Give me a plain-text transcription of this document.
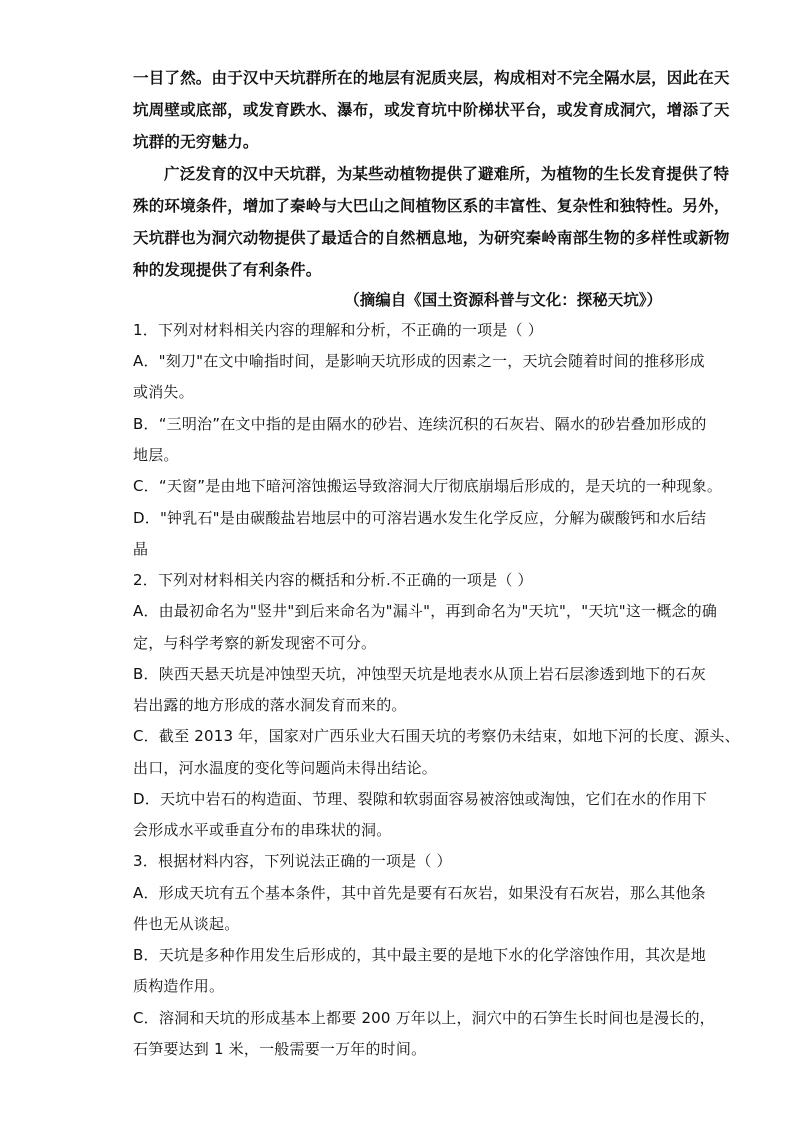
一目了然。由于汉中天坑群所在的地层有泥质夹层，构成相对不完全隔水层，因此在天
坑周壁或底部，或发育跌水、瀑布，或发育坑中阶梯状平台，或发育成洞穴，增添了天
坑群的无穷魅力。
广泛发育的汉中天坑群，为某些动植物提供了避难所，为植物的生长发育提供了特
殊的环境条件，增加了秦岭与大巴山之间植物区系的丰富性、复杂性和独特性。另外，
天坑群也为洞穴动物提供了最适合的自然栖息地，为研究秦岭南部生物的多样性或新物
种的发现提供了有利条件。
（摘编自《国土资源科普与文化：探秘天坑》）
1．下列对材料相关内容的理解和分析，不正确的一项是（ ）
A．"刻刀"在文中喻指时间，是影响天坑形成的因素之一，天坑会随着时间的推移形成
或消失。
B．“三明治”在文中指的是由隔水的砂岩、连续沉积的石灰岩、隔水的砂岩叠加形成的
地层。
C．“天窗”是由地下暗河溶蚀搬运导致溶洞大厅彻底崩塌后形成的，是天坑的一种现象。
D．"钟乳石"是由碳酸盐岩地层中的可溶岩遇水发生化学反应，分解为碳酸钙和水后结
晶
2．下列对材料相关内容的概括和分析.不正确的一项是（ ）
A．由最初命名为"竖井"到后来命名为"漏斗"，再到命名为"天坑"，"天坑"这一概念的确
定，与科学考察的新发现密不可分。
B．陕西天悬天坑是冲蚀型天坑，冲蚀型天坑是地表水从顶上岩石层渗透到地下的石灰
岩出露的地方形成的落水洞发育而来的。
C．截至 2013 年，国家对广西乐业大石围天坑的考察仍未结束，如地下河的长度、源头、
出口，河水温度的变化等问题尚未得出结论。
D．天坑中岩石的构造面、节理、裂隙和软弱面容易被溶蚀或淘蚀，它们在水的作用下
会形成水平或垂直分布的串珠状的洞。
3．根据材料内容，下列说法正确的一项是（ ）
A．形成天坑有五个基本条件，其中首先是要有石灰岩，如果没有石灰岩，那么其他条
件也无从谈起。
B．天坑是多种作用发生后形成的，其中最主要的是地下水的化学溶蚀作用，其次是地
质构造作用。
C．溶洞和天坑的形成基本上都要 200 万年以上，洞穴中的石笋生长时间也是漫长的，
石笋要达到 1 米，一般需要一万年的时间。
